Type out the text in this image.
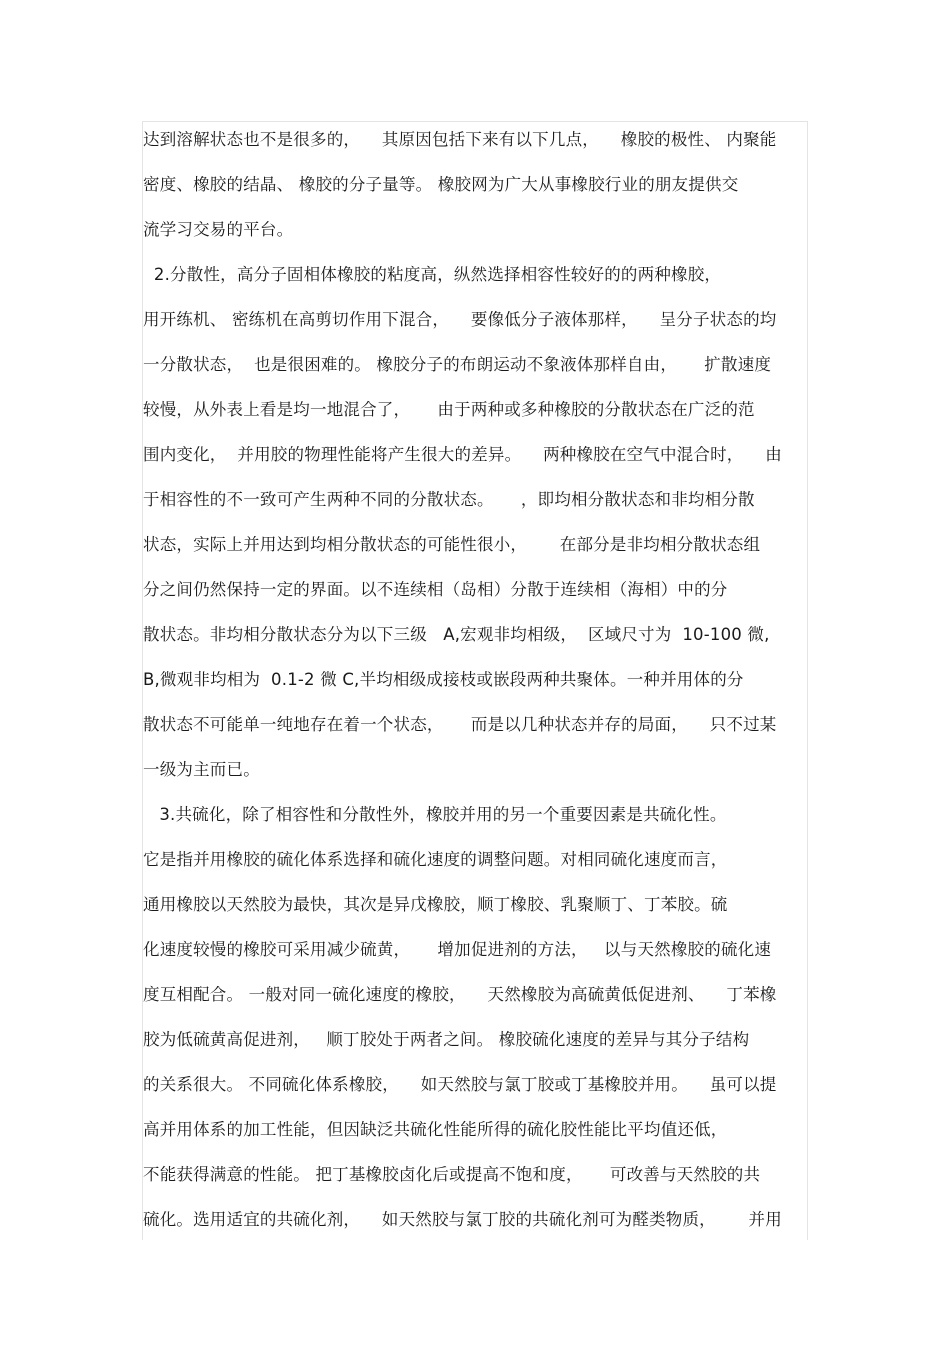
达到溶解状态也不是很多的，    其原因包括下来有以下几点，    橡胶的极性、 内聚能
密度、橡胶的结晶、 橡胶的分子量等。 橡胶网为广大从事橡胶行业的朋友提供交
流学习交易的平台。
2.分散性，高分子固相体橡胶的粘度高，纵然选择相容性较好的的两种橡胶，
用开练机、 密练机在高剪切作用下混合，    要像低分子液体那样，    呈分子状态的均
一分散状态，  也是很困难的。 橡胶分子的布朗运动不象液体那样自由，     扩散速度
较慢，从外表上看是均一地混合了，     由于两种或多种橡胶的分散状态在广泛的范
围内变化，  并用胶的物理性能将产生很大的差异。    两种橡胶在空气中混合时，    由
于相容性的不一致可产生两种不同的分散状态。     ，即均相分散状态和非均相分散
状态，实际上并用达到均相分散状态的可能性很小，      在部分是非均相分散状态组
分之间仍然保持一定的界面。以不连续相（岛相）分散于连续相（海相）中的分
散状态。非均相分散状态分为以下三级   A,宏观非均相级，  区域尺寸为  10-100 微,
B,微观非均相为  0.1-2 微 C,半均相级成接枝或嵌段两种共聚体。一种并用体的分
散状态不可能单一纯地存在着一个状态，     而是以几种状态并存的局面，    只不过某
一级为主而已。
3.共硫化，除了相容性和分散性外，橡胶并用的另一个重要因素是共硫化性。
它是指并用橡胶的硫化体系选择和硫化速度的调整问题。对相同硫化速度而言，
通用橡胶以天然胶为最快，其次是异戊橡胶，顺丁橡胶、乳聚顺丁、丁苯胶。硫
化速度较慢的橡胶可采用减少硫黄，     增加促进剂的方法，   以与天然橡胶的硫化速
度互相配合。 一般对同一硫化速度的橡胶，    天然橡胶为高硫黄低促进剂、    丁苯橡
胶为低硫黄高促进剂，   顺丁胶处于两者之间。 橡胶硫化速度的差异与其分子结构
的关系很大。 不同硫化体系橡胶，    如天然胶与氯丁胶或丁基橡胶并用。    虽可以提
高并用体系的加工性能，但因缺泛共硫化性能所得的硫化胶性能比平均值还低，
不能获得满意的性能。 把丁基橡胶卤化后或提高不饱和度，     可改善与天然胶的共
硫化。选用适宜的共硫化剂，    如天然胶与氯丁胶的共硫化剂可为醛类物质，      并用
